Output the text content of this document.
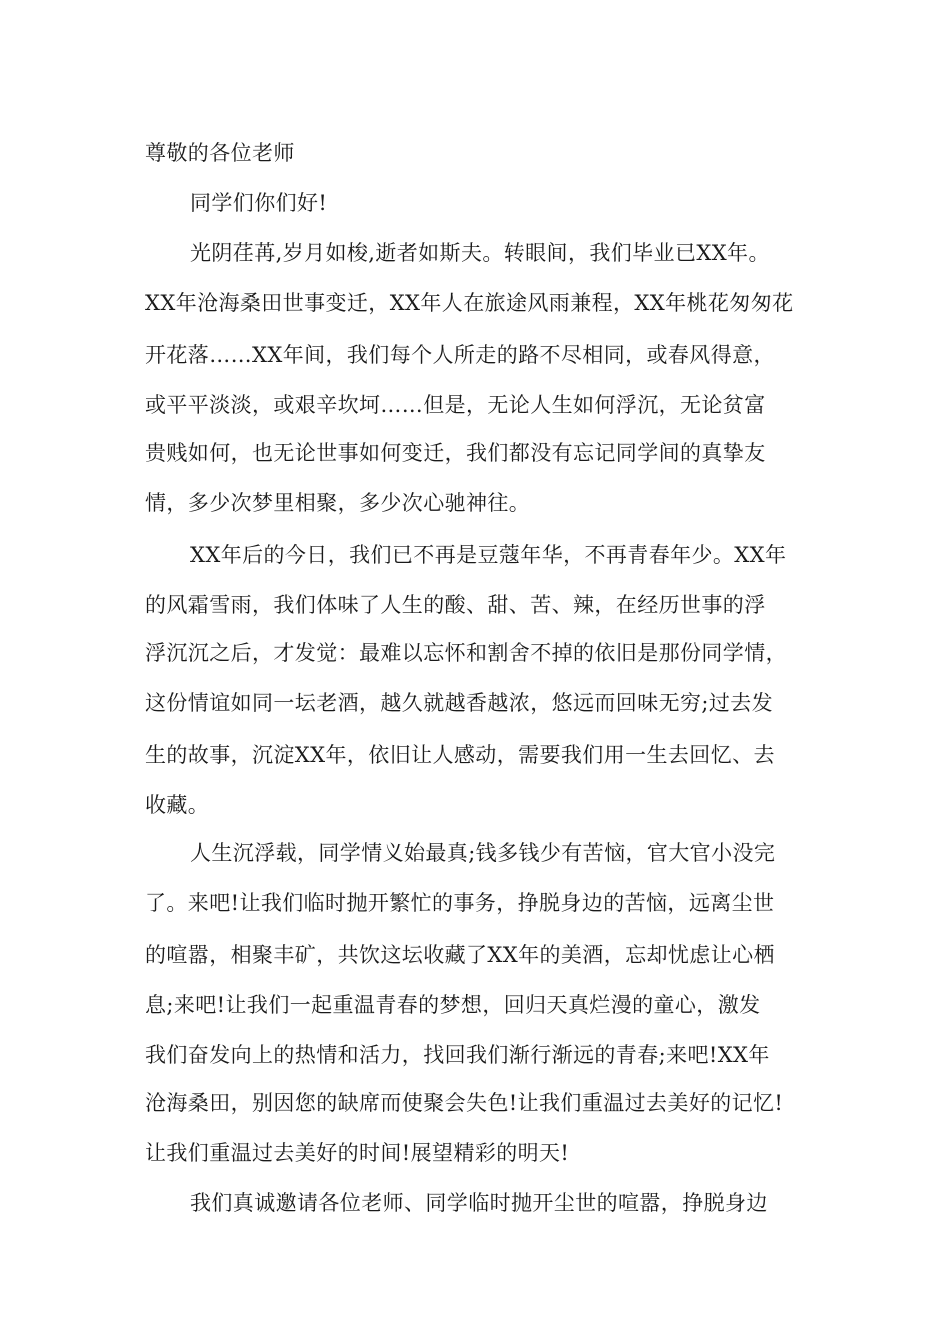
尊敬的各位老师

同学们你们好!

光阴荏苒,岁月如梭,逝者如斯夫。转眼间，我们毕业已XX年。

XX年沧海桑田世事变迁，XX年人在旅途风雨兼程，XX年桃花匆匆花

开花落……XX年间，我们每个人所走的路不尽相同，或春风得意，

或平平淡淡，或艰辛坎坷……但是，无论人生如何浮沉，无论贫富

贵贱如何，也无论世事如何变迁，我们都没有忘记同学间的真挚友

情，多少次梦里相聚，多少次心驰神往。

XX年后的今日，我们已不再是豆蔻年华，不再青春年少。XX年

的风霜雪雨，我们体味了人生的酸、甜、苦、辣，在经历世事的浮

浮沉沉之后，才发觉：最难以忘怀和割舍不掉的依旧是那份同学情，

这份情谊如同一坛老酒，越久就越香越浓，悠远而回味无穷;过去发

生的故事，沉淀XX年，依旧让人感动，需要我们用一生去回忆、去

收藏。

人生沉浮载，同学情义始最真;钱多钱少有苦恼，官大官小没完

了。来吧!让我们临时抛开繁忙的事务，挣脱身边的苦恼，远离尘世

的喧嚣，相聚丰矿，共饮这坛收藏了XX年的美酒，忘却忧虑让心栖

息;来吧!让我们一起重温青春的梦想，回归天真烂漫的童心，激发

我们奋发向上的热情和活力，找回我们渐行渐远的青春;来吧!XX年

沧海桑田，别因您的缺席而使聚会失色!让我们重温过去美好的记忆!

让我们重温过去美好的时间!展望精彩的明天!

我们真诚邀请各位老师、同学临时抛开尘世的喧嚣，挣脱身边
